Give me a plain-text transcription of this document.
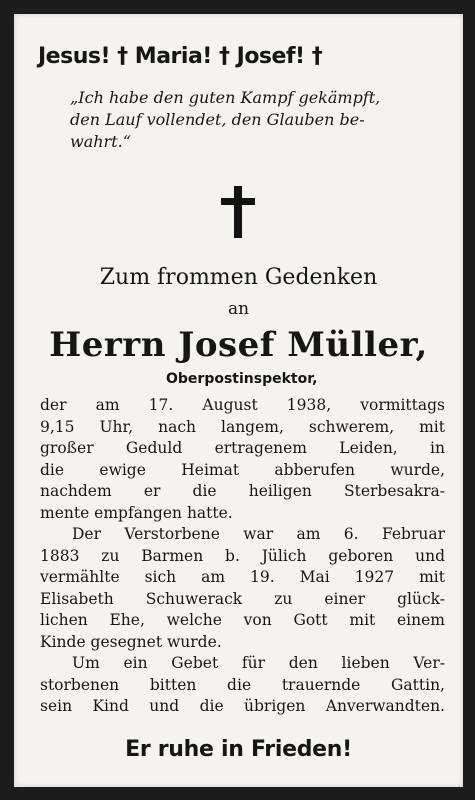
Jesus! † Maria! † Josef! †
„Ich habe den guten Kampf gekämpft,
den Lauf vollendet, den Glauben be-
wahrt.“
Zum frommen Gedenken
an
Herrn Josef Müller,
Oberpostinspektor,
der am 17. August 1938, vormittags
9,15 Uhr, nach langem, schwerem, mit
großer Geduld ertragenem Leiden, in
die ewige Heimat abberufen wurde,
nachdem er die heiligen Sterbesakra-
mente empfangen hatte.
Der Verstorbene war am 6. Februar
1883 zu Barmen b. Jülich geboren und
vermählte sich am 19. Mai 1927 mit
Elisabeth Schuwerack zu einer glück-
lichen Ehe, welche von Gott mit einem
Kinde gesegnet wurde.
Um ein Gebet für den lieben Ver-
storbenen bitten die trauernde Gattin,
sein Kind und die übrigen Anverwandten.
Er ruhe in Frieden!
